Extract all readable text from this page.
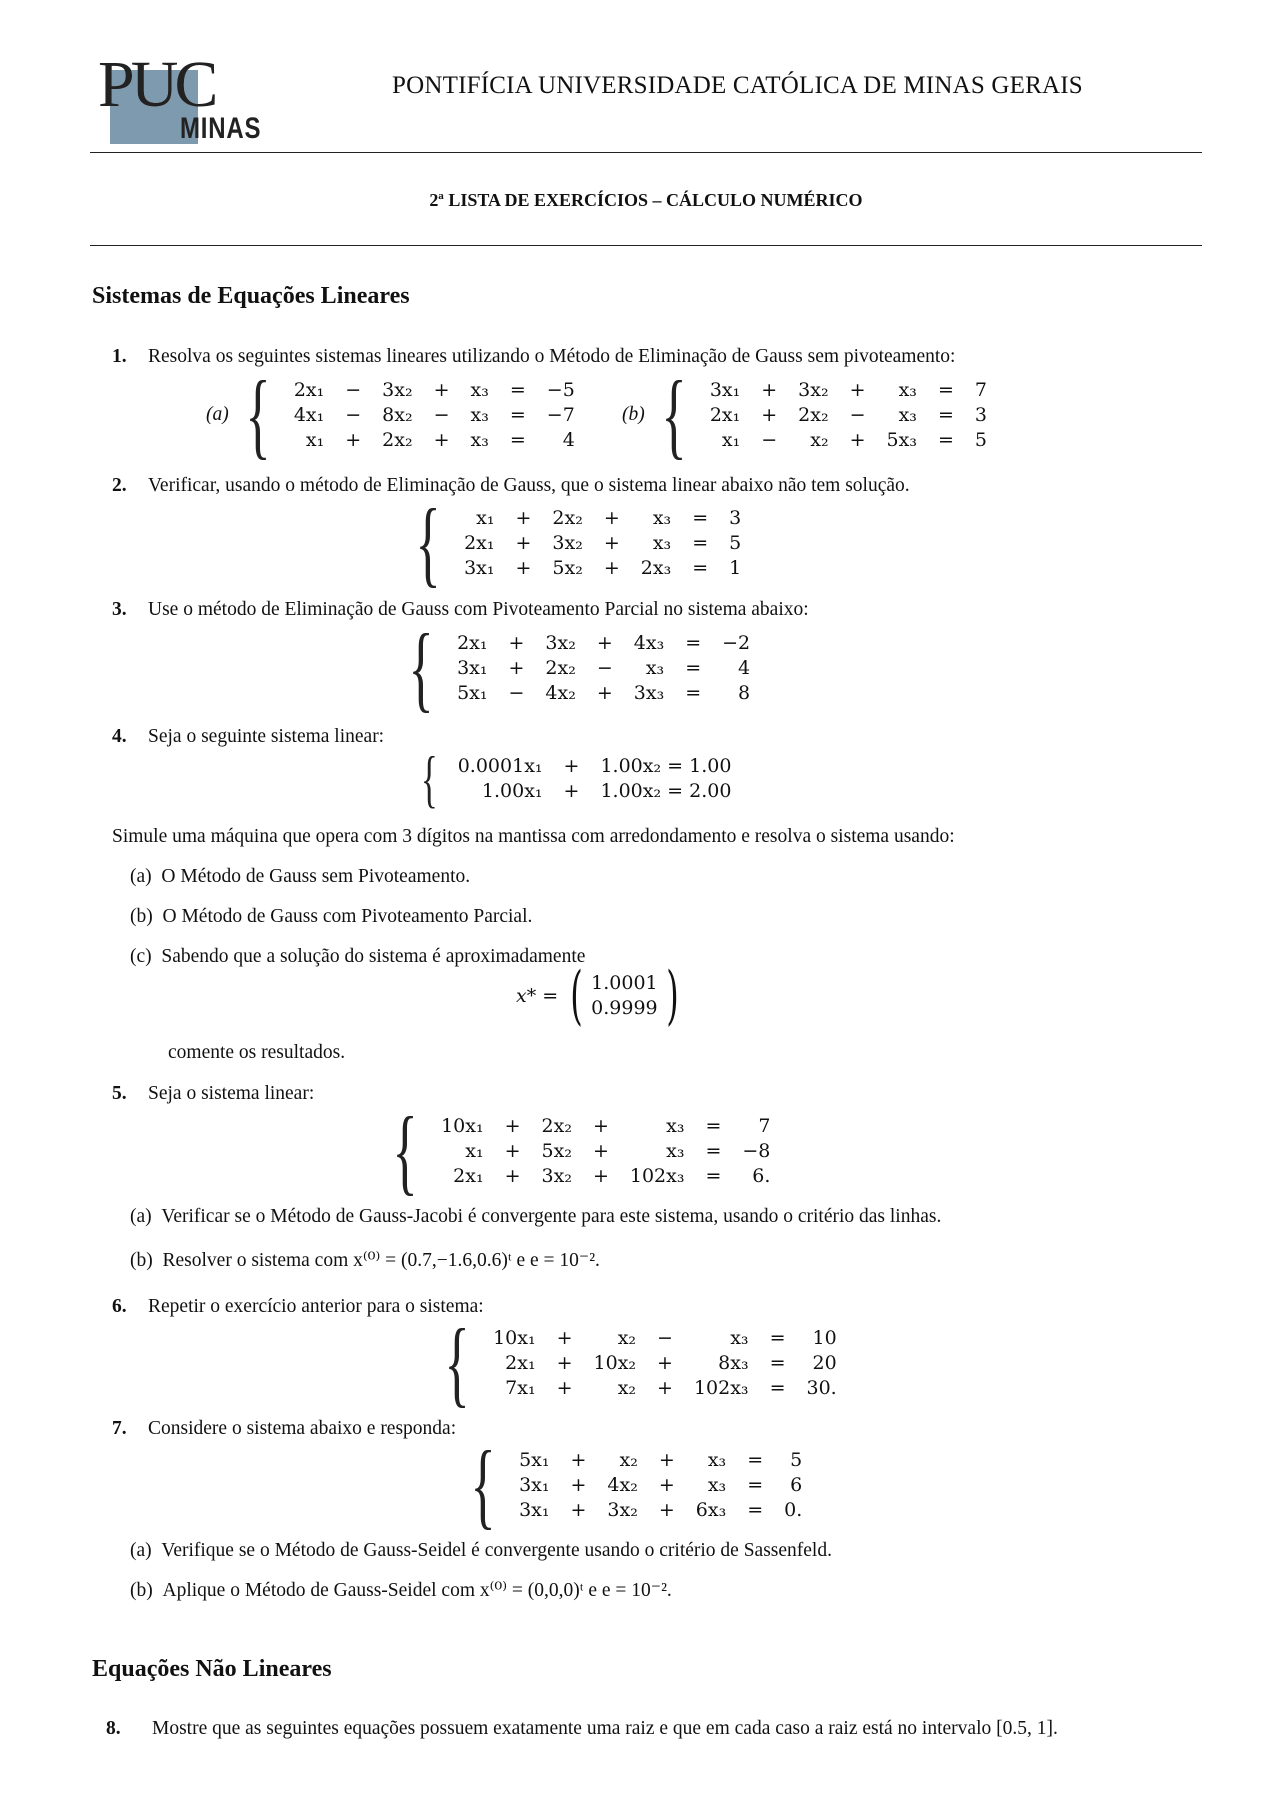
PUC
MINAS
PONTIFÍCIA UNIVERSIDADE CATÓLICA DE MINAS GERAIS
2ª LISTA DE EXERCÍCIOS – CÁLCULO NUMÉRICO
Sistemas de Equações Lineares
1. Resolva os seguintes sistemas lineares utilizando o Método de Eliminação de Gauss sem pivoteamento:
(a) { 2x₁	−	3x₂	+	x₃	=	−5
4x₁	−	8x₂	−	x₃	=	−7
x₁	+	2x₂	+	x₃	=	4
(b) { 3x₁	+	3x₂	+	x₃	=	7
2x₁	+	2x₂	−	x₃	=	3
x₁	−	x₂	+	5x₃	=	5
2. Verificar, usando o método de Eliminação de Gauss, que o sistema linear abaixo não tem solução.
{ x₁	+	2x₂	+	x₃	=	3
2x₁	+	3x₂	+	x₃	=	5
3x₁	+	5x₂	+	2x₃	=	1
3. Use o método de Eliminação de Gauss com Pivoteamento Parcial no sistema abaixo:
{ 2x₁	+	3x₂	+	4x₃	=	−2
3x₁	+	2x₂	−	x₃	=	4
5x₁	−	4x₂	+	3x₃	=	8
4. Seja o seguinte sistema linear:
{ 0.0001x₁	+	1.00x₂ = 1.00
1.00x₁	+	1.00x₂ = 2.00
Simule uma máquina que opera com 3 dígitos na mantissa com arredondamento e resolva o sistema usando:
(a) O Método de Gauss sem Pivoteamento.
(b) O Método de Gauss com Pivoteamento Parcial.
(c) Sabendo que a solução do sistema é aproximadamente
x* = ( 1.0001
0.9999 )
comente os resultados.
5. Seja o sistema linear:
{ 10x₁	+	2x₂	+	x₃	=	7
x₁	+	5x₂	+	x₃	=	−8
2x₁	+	3x₂	+	102x₃	=	6.
(a) Verificar se o Método de Gauss-Jacobi é convergente para este sistema, usando o critério das linhas.
(b) Resolver o sistema com x⁽⁰⁾ = (0.7,−1.6,0.6)ᵗ e e = 10⁻².
6. Repetir o exercício anterior para o sistema:
{ 10x₁	+	x₂	−	x₃	=	10
2x₁	+	10x₂	+	8x₃	=	20
7x₁	+	x₂	+	102x₃	=	30.
7. Considere o sistema abaixo e responda:
{ 5x₁	+	x₂	+	x₃	=	5
3x₁	+	4x₂	+	x₃	=	6
3x₁	+	3x₂	+	6x₃	=	0.
(a) Verifique se o Método de Gauss-Seidel é convergente usando o critério de Sassenfeld.
(b) Aplique o Método de Gauss-Seidel com x⁽⁰⁾ = (0,0,0)ᵗ e e = 10⁻².
Equações Não Lineares
8. Mostre que as seguintes equações possuem exatamente uma raiz e que em cada caso a raiz está no intervalo [0.5, 1].
